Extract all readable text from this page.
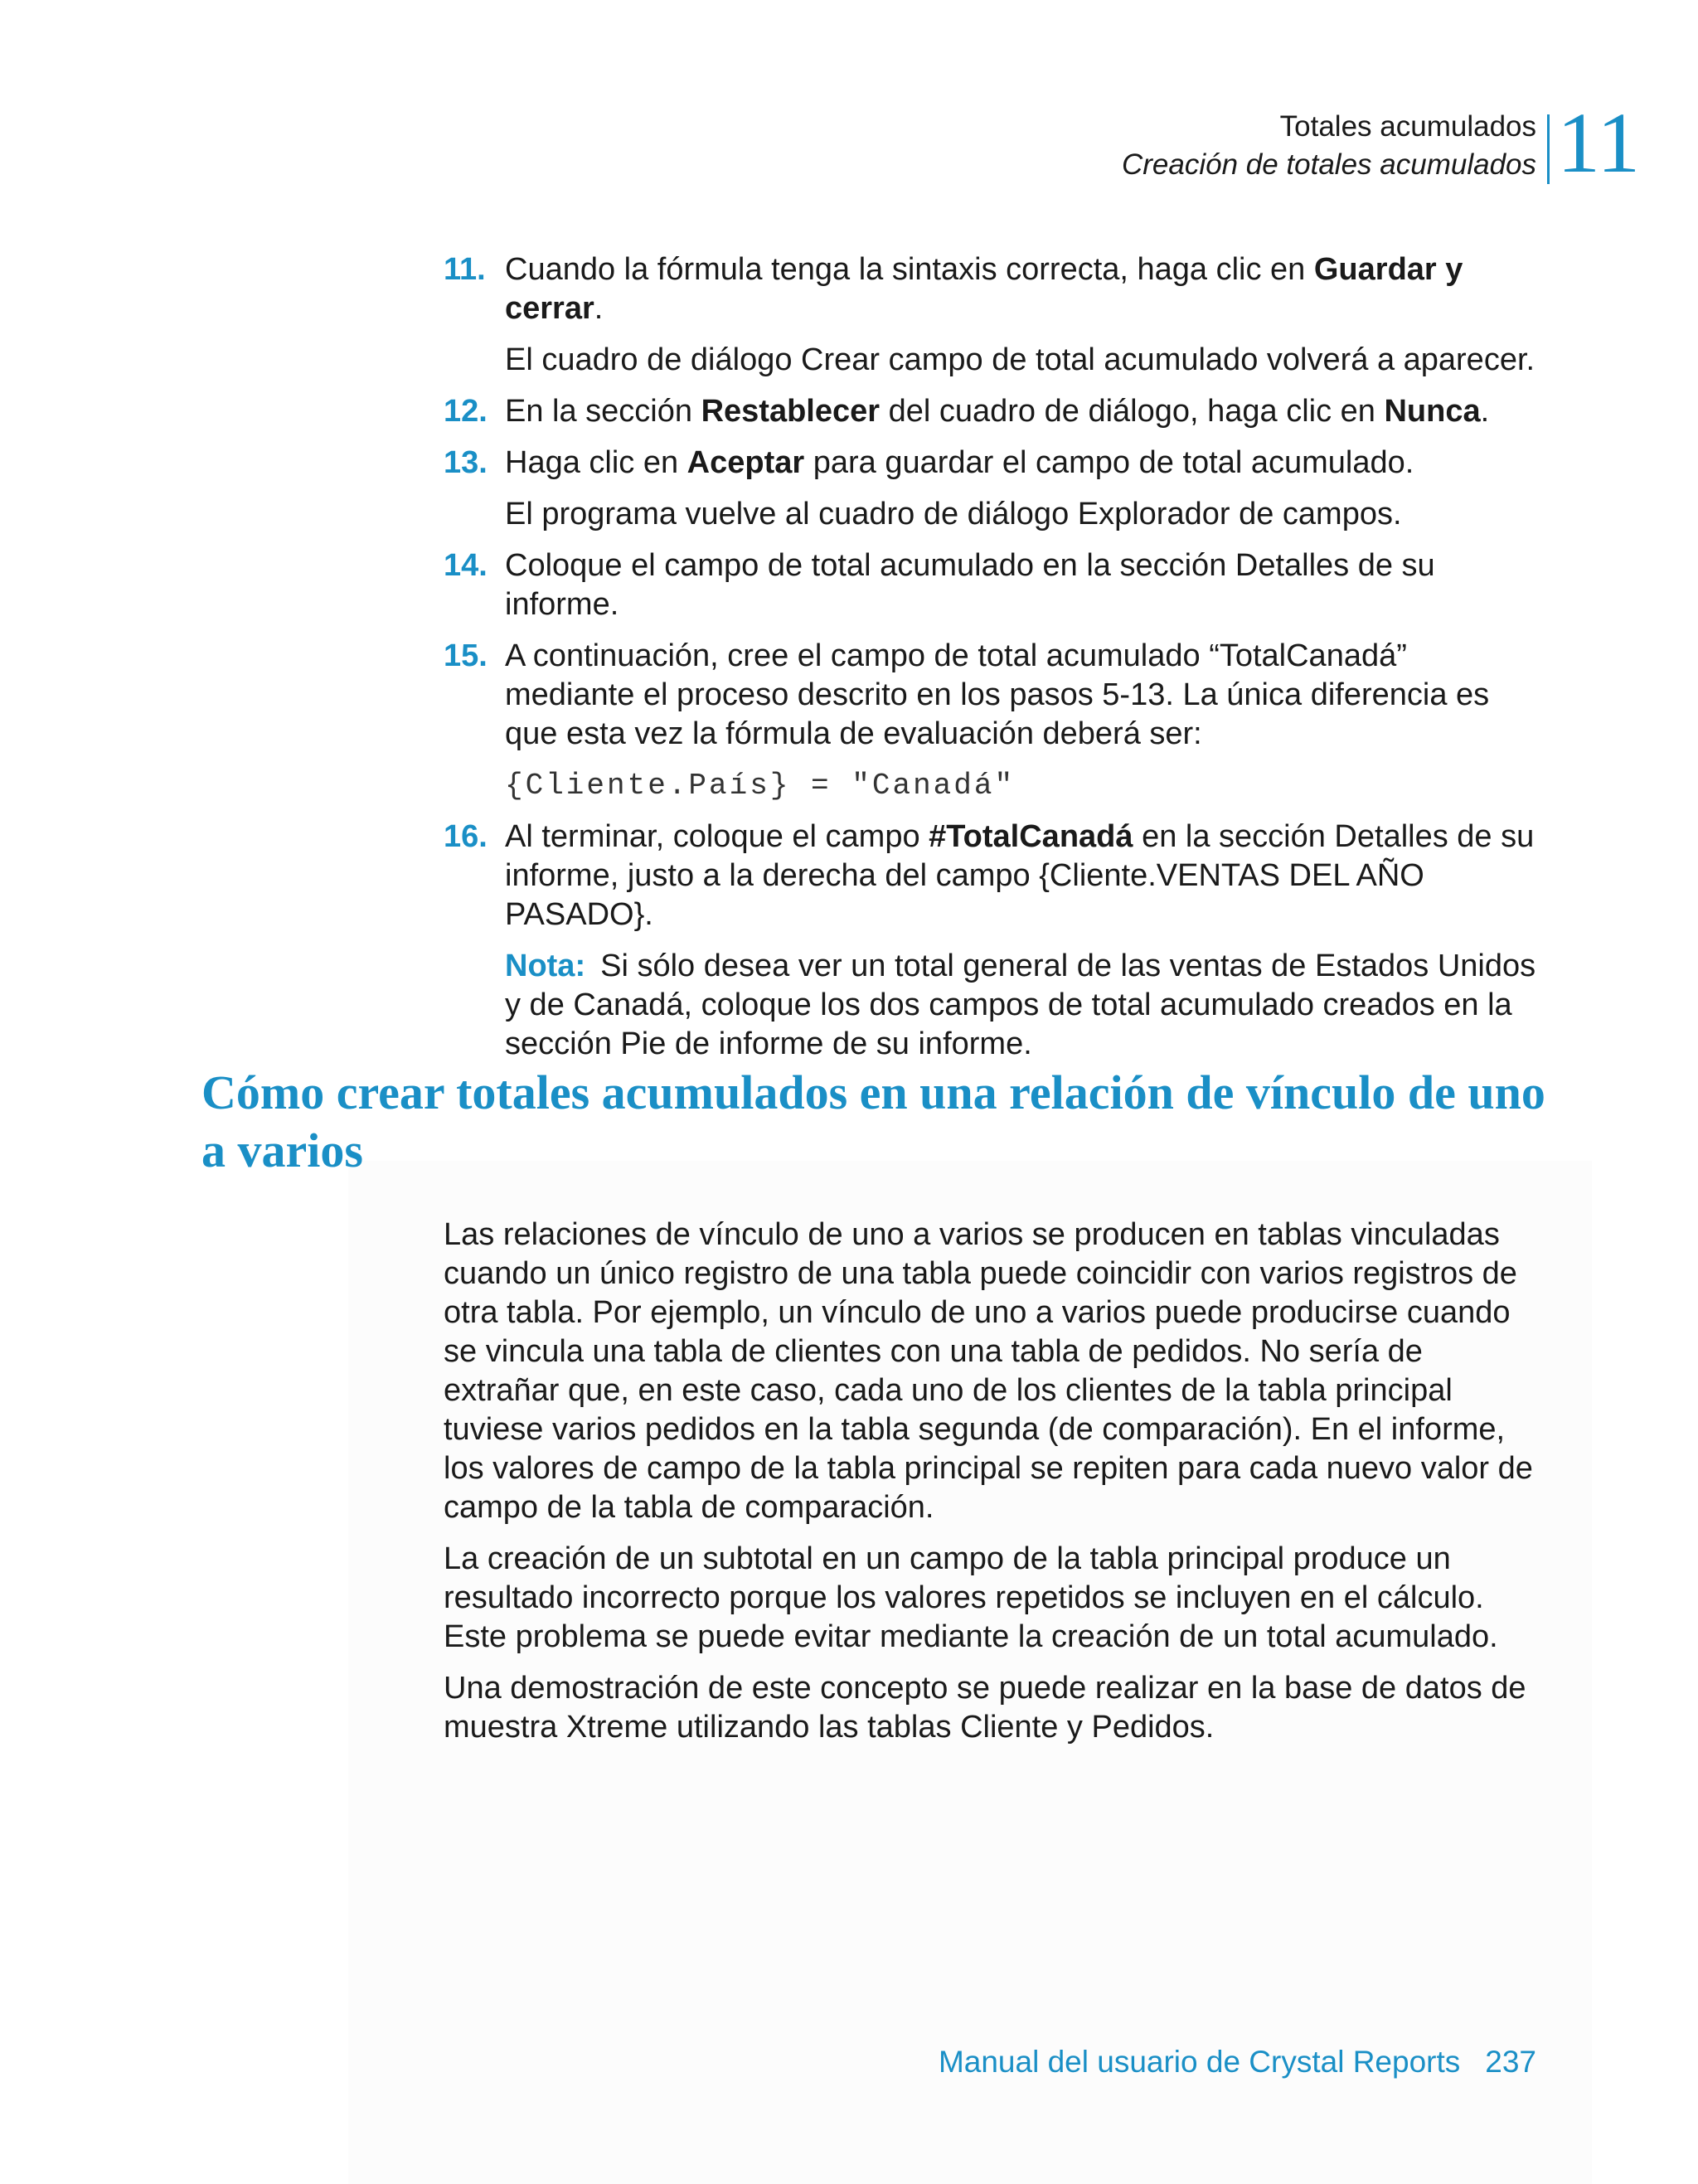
Totales acumulados
Creación de totales acumulados 11
11. Cuando la fórmula tenga la sintaxis correcta, haga clic en Guardar y cerrar.

El cuadro de diálogo Crear campo de total acumulado volverá a aparecer.

12. En la sección Restablecer del cuadro de diálogo, haga clic en Nunca.

13. Haga clic en Aceptar para guardar el campo de total acumulado.

El programa vuelve al cuadro de diálogo Explorador de campos.

14. Coloque el campo de total acumulado en la sección Detalles de su informe.

15. A continuación, cree el campo de total acumulado “TotalCanadá” mediante el proceso descrito en los pasos 5-13. La única diferencia es que esta vez la fórmula de evaluación deberá ser:

{Cliente.País} = "Canadá"

16. Al terminar, coloque el campo #TotalCanadá en la sección Detalles de su informe, justo a la derecha del campo {Cliente.VENTAS DEL AÑO PASADO}.

Nota: Si sólo desea ver un total general de las ventas de Estados Unidos y de Canadá, coloque los dos campos de total acumulado creados en la sección Pie de informe de su informe.

Cómo crear totales acumulados en una relación de vínculo de uno a varios

Las relaciones de vínculo de uno a varios se producen en tablas vinculadas cuando un único registro de una tabla puede coincidir con varios registros de otra tabla. Por ejemplo, un vínculo de uno a varios puede producirse cuando se vincula una tabla de clientes con una tabla de pedidos. No sería de extrañar que, en este caso, cada uno de los clientes de la tabla principal tuviese varios pedidos en la tabla segunda (de comparación). En el informe, los valores de campo de la tabla principal se repiten para cada nuevo valor de campo de la tabla de comparación.

La creación de un subtotal en un campo de la tabla principal produce un resultado incorrecto porque los valores repetidos se incluyen en el cálculo. Este problema se puede evitar mediante la creación de un total acumulado.

Una demostración de este concepto se puede realizar en la base de datos de muestra Xtreme utilizando las tablas Cliente y Pedidos.

Manual del usuario de Crystal Reports 237
